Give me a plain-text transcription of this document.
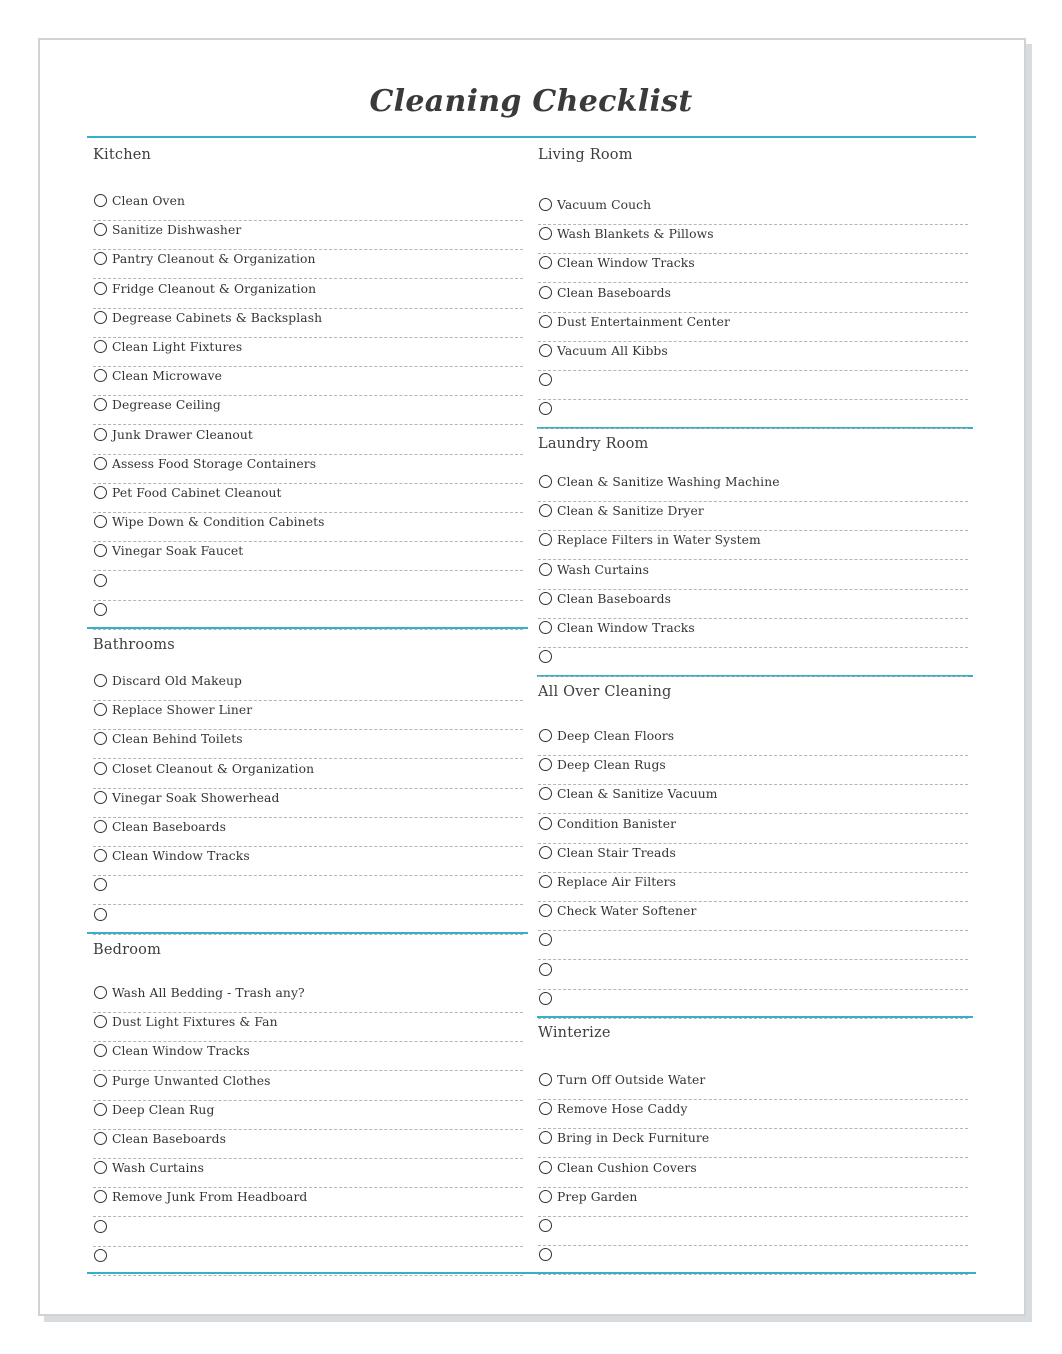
Cleaning Checklist
Kitchen
Clean Oven
Sanitize Dishwasher
Pantry Cleanout & Organization
Fridge Cleanout & Organization
Degrease Cabinets & Backsplash
Clean Light Fixtures
Clean Microwave
Degrease Ceiling
Junk Drawer Cleanout
Assess Food Storage Containers
Pet Food Cabinet Cleanout
Wipe Down & Condition Cabinets
Vinegar Soak Faucet
Bathrooms
Discard Old Makeup
Replace Shower Liner
Clean Behind Toilets
Closet Cleanout & Organization
Vinegar Soak Showerhead
Clean Baseboards
Clean Window Tracks
Bedroom
Wash All Bedding - Trash any?
Dust Light Fixtures & Fan
Clean Window Tracks
Purge Unwanted Clothes
Deep Clean Rug
Clean Baseboards
Wash Curtains
Remove Junk From Headboard
Living Room
Vacuum Couch
Wash Blankets & Pillows
Clean Window Tracks
Clean Baseboards
Dust Entertainment Center
Vacuum All Kibbs
Laundry Room
Clean & Sanitize Washing Machine
Clean & Sanitize Dryer
Replace Filters in Water System
Wash Curtains
Clean Baseboards
Clean Window Tracks
All Over Cleaning
Deep Clean Floors
Deep Clean Rugs
Clean & Sanitize Vacuum
Condition Banister
Clean Stair Treads
Replace Air Filters
Check Water Softener
Winterize
Turn Off Outside Water
Remove Hose Caddy
Bring in Deck Furniture
Clean Cushion Covers
Prep Garden
